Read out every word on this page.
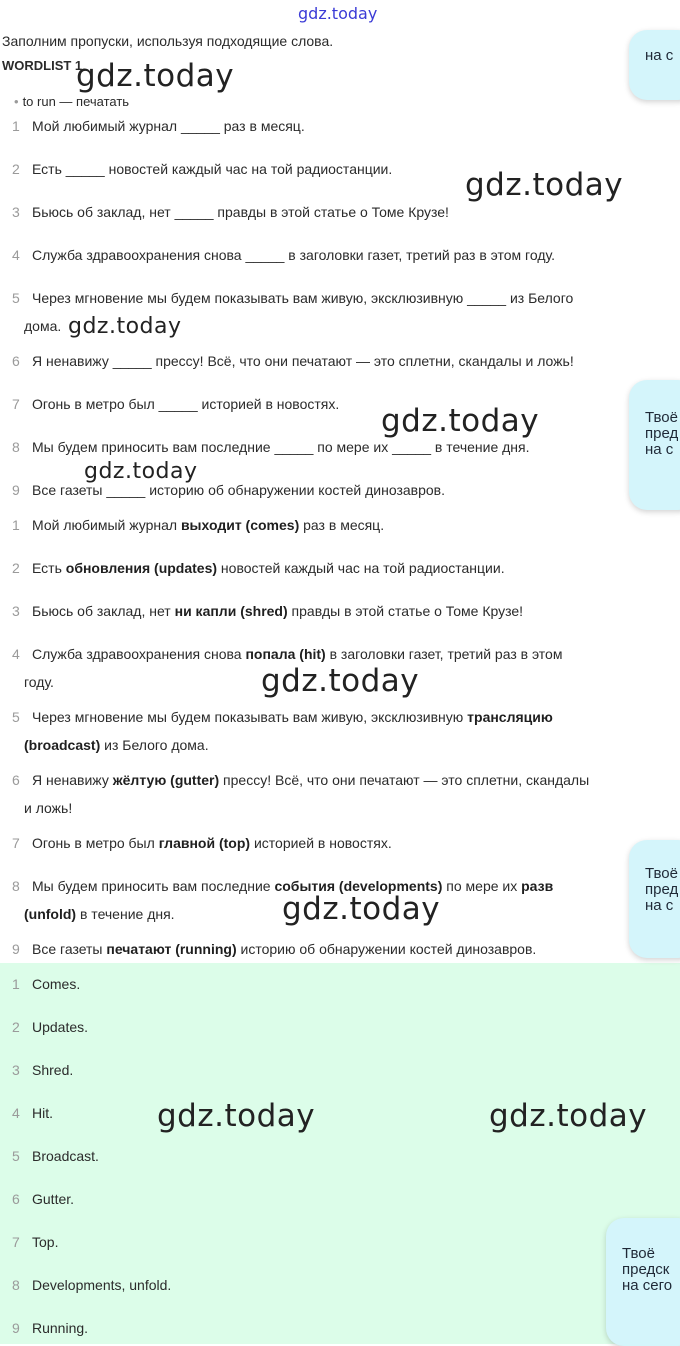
gdz.today
Заполним пропуски, используя подходящие слова.
WORDLIST 1
• to run — печатать
1 Мой любимый журнал _____ раз в месяц.
2 Есть _____ новостей каждый час на той радиостанции.
3 Бьюсь об заклад, нет _____ правды в этой статье о Томе Крузе!
4 Служба здравоохранения снова _____ в заголовки газет, третий раз в этом году.
5 Через мгновение мы будем показывать вам живую, эксклюзивную _____ из Белого
дома.
6 Я ненавижу _____ прессу! Всё, что они печатают — это сплетни, скандалы и ложь!
7 Огонь в метро был _____ историей в новостях.
8 Мы будем приносить вам последние _____ по мере их _____ в течение дня.
9 Все газеты _____ историю об обнаружении костей динозавров.
1 Мой любимый журнал выходит (comes) раз в месяц.
2 Есть обновления (updates) новостей каждый час на той радиостанции.
3 Бьюсь об заклад, нет ни капли (shred) правды в этой статье о Томе Крузе!
4 Служба здравоохранения снова попала (hit) в заголовки газет, третий раз в этом
году.
5 Через мгновение мы будем показывать вам живую, эксклюзивную трансляцию
(broadcast) из Белого дома.
6 Я ненавижу жёлтую (gutter) прессу! Всё, что они печатают — это сплетни, скандалы
и ложь!
7 Огонь в метро был главной (top) историей в новостях.
8 Мы будем приносить вам последние события (developments) по мере их разв
(unfold) в течение дня.
9 Все газеты печатают (running) историю об обнаружении костей динозавров.
1 Comes.
2 Updates.
3 Shred.
4 Hit.
5 Broadcast.
6 Gutter.
7 Top.
8 Developments, unfold.
9 Running.
gdz.today
gdz.today
gdz.today
gdz.today
gdz.today
gdz.today
gdz.today
gdz.today	gdz.today
на с
Твоё
пред
на с
Твоё
пред
на с
Твоё
предск
на сего
